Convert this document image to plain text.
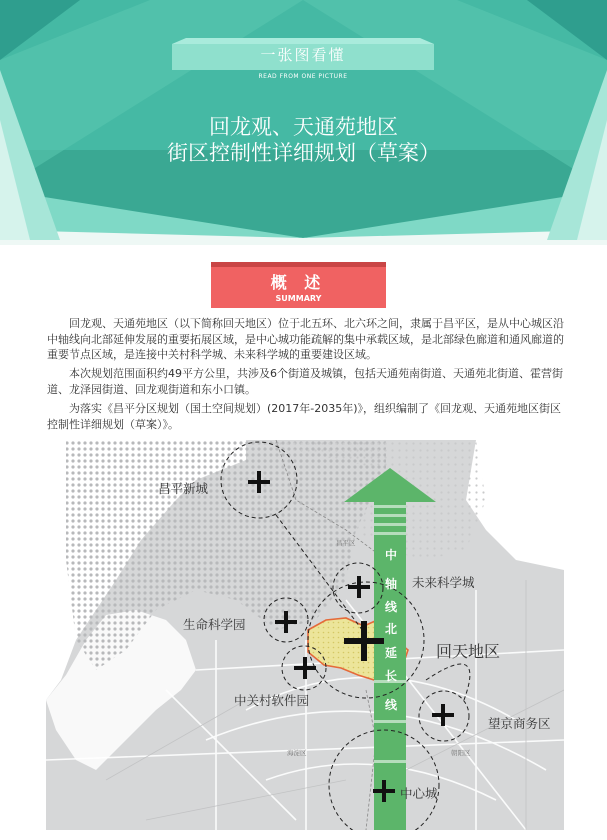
一张图看懂
READ FROM ONE PICTURE
回龙观、天通苑地区
街区控制性详细规划（草案）
概 述
SUMMARY

回龙观、天通苑地区（以下简称回天地区）位于北五环、北六环之间，隶属于昌平区，是从中心城区沿中轴线向北部延伸发展的重要拓展区域，是中心城功能疏解的集中承载区域，是北部绿色廊道和通风廊道的重要节点区域，是连接中关村科学城、未来科学城的重要建设区域。

本次规划范围面积约49平方公里，共涉及6个街道及城镇，包括天通苑南街道、天通苑北街道、霍营街道、龙泽园街道、回龙观街道和东小口镇。

为落实《昌平分区规划（国土空间规划）(2017年-2035年)》，组织编制了《回龙观、天通苑地区街区控制性详细规划（草案）》。

昌平新城
未来科学城
生命科学园
回天地区
中关村软件园
望京商务区
中心城
昌平区
海淀区	朝阳区
中
轴
线
北
延
长
线
